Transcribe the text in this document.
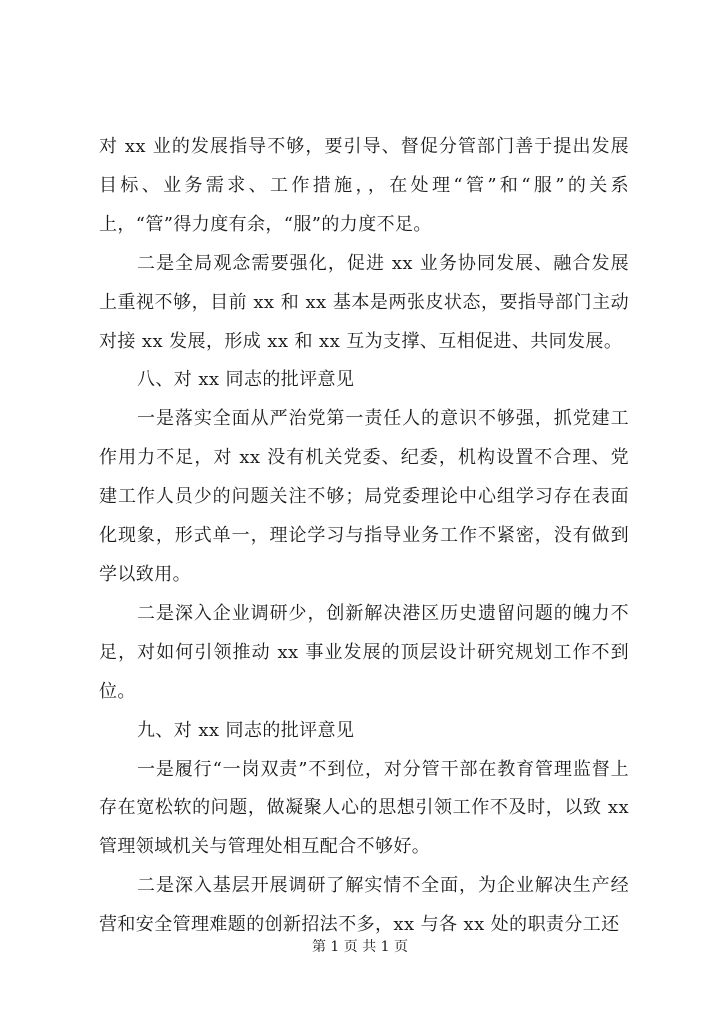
对 xx 业的发展指导不够，要引导、督促分管部门善于提出发展目标、业务需求、工作措施，，在处理“管”和“服”的关系上，“管”得力度有余，“服”的力度不足。

二是全局观念需要强化，促进 xx 业务协同发展、融合发展上重视不够，目前 xx 和 xx 基本是两张皮状态，要指导部门主动对接 xx 发展，形成 xx 和 xx 互为支撑、互相促进、共同发展。

八、对 xx 同志的批评意见

一是落实全面从严治党第一责任人的意识不够强，抓党建工作用力不足，对 xx 没有机关党委、纪委，机构设置不合理、党建工作人员少的问题关注不够；局党委理论中心组学习存在表面化现象，形式单一，理论学习与指导业务工作不紧密，没有做到学以致用。

二是深入企业调研少，创新解决港区历史遗留问题的魄力不足，对如何引领推动 xx 事业发展的顶层设计研究规划工作不到位。

九、对 xx 同志的批评意见

一是履行“一岗双责”不到位，对分管干部在教育管理监督上存在宽松软的问题，做凝聚人心的思想引领工作不及时，以致 xx 管理领域机关与管理处相互配合不够好。

二是深入基层开展调研了解实情不全面，为企业解决生产经营和安全管理难题的创新招法不多，xx 与各 xx 处的职责分工还

第 1 页 共 1 页
